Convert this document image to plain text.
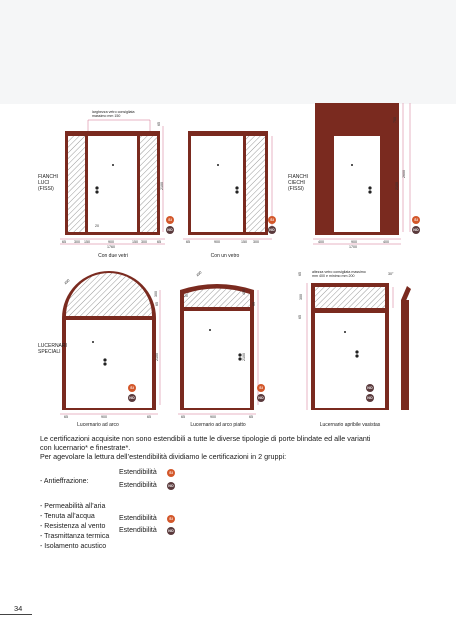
FIANCHI
LUCI
(FISSI)
FIANCHI
CIECHI
(FISSI)
larghezza vetro consigliata
massimo mm 150
65 300 150	900	150 300	65
1760
2100
65
20
65	900	150 300	400	900	400
1700
2100
2600
700
Con due vetri	Con un vetro
SI
NO
SI
NO
SI
NO
LUCERNARI
SPECIALI
altezza vetro consigliata massimo
mm 400 e minimo mm 200
450
300
65
2100
65	900	65
450
20
450
65
2100
65	900	65
65
300
65
30°
Lucernario ad arco	Lucernario ad arco piatto	Lucernario apribile vasistas
SI
NO
SI
NO
NO
NO
Le certificazioni acquisite non sono estendibili a tutte le diverse tipologie di porte blindate ed alle varianti
con lucernario* e finestrate*.
Per agevolare la lettura dell’estendibilità dividiamo le certificazioni in 2 gruppi:
- Antieffrazione:
Estendibilità	SI
Estendibilità	NO
- Permeabilità all’aria
- Tenuta all’acqua
- Resistenza al vento
- Trasmittanza termica
- Isolamento acustico
Estendibilità	SI
Estendibilità	NO
34
